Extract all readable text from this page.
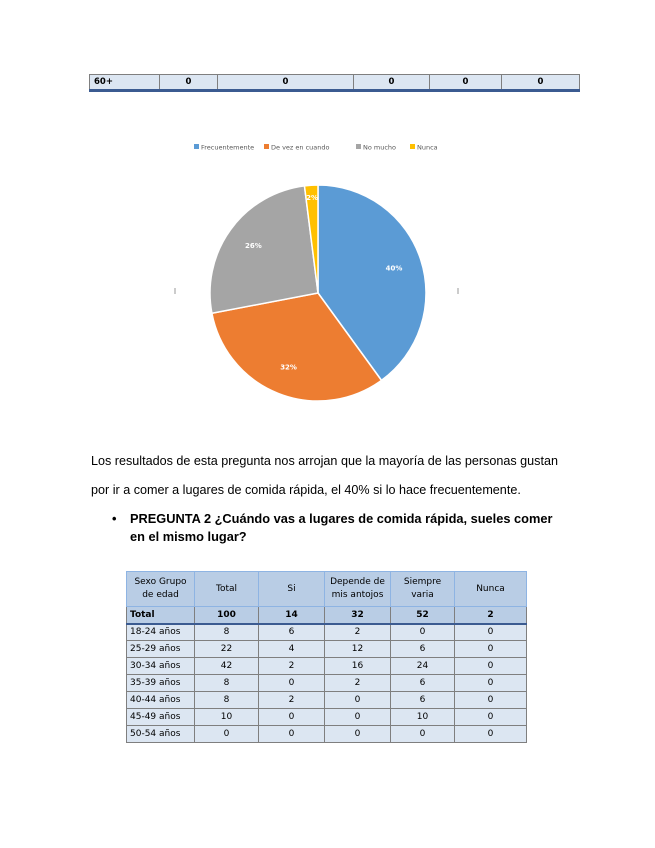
60+	0	0	0	0	0
Frecuentemente	De vez en cuando	No mucho	Nunca
40%
32%
26%
2%
Los resultados de esta pregunta nos arrojan que la mayoría de las personas gustan por ir a comer a lugares de comida rápida, el 40% si lo hace frecuentemente.
• PREGUNTA 2 ¿Cuándo vas a lugares de comida rápida, sueles comer en el mismo lugar?
Sexo Grupo de edad	Total	Si	Depende de mis antojos	Siempre varia	Nunca
Total	100	14	32	52	2
18-24 años	8	6	2	0	0
25-29 años	22	4	12	6	0
30-34 años	42	2	16	24	0
35-39 años	8	0	2	6	0
40-44 años	8	2	0	6	0
45-49 años	10	0	0	10	0
50-54 años	0	0	0	0	0
